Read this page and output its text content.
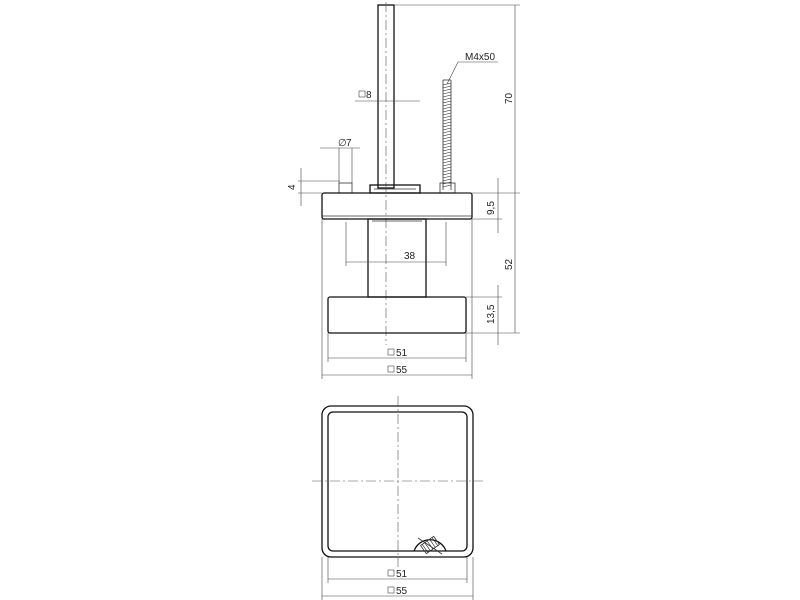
M4x50
8
∅ 7
4
70
9,5
52
13,5
38
51
55
51
55
